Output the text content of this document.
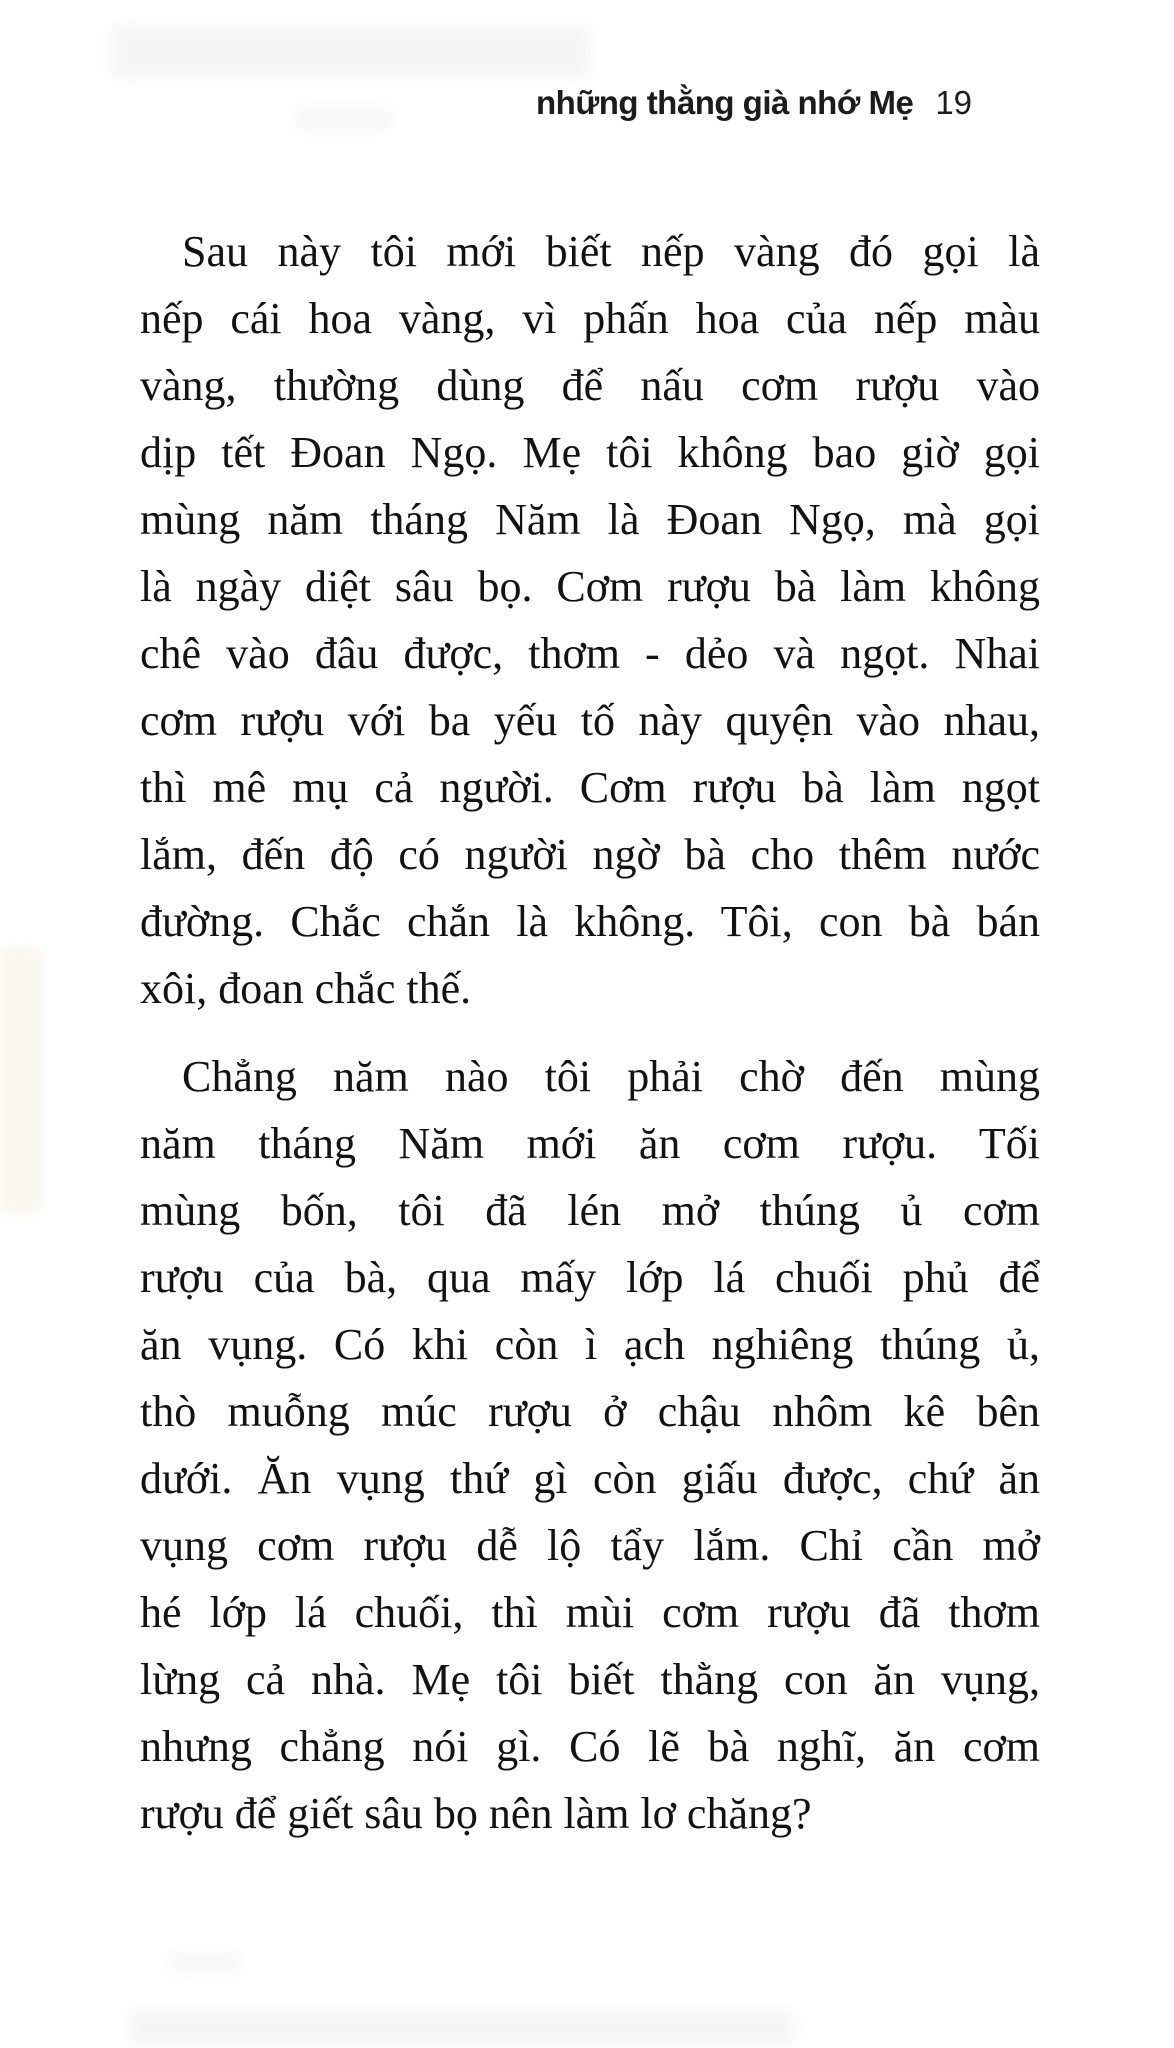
những thằng già nhớ Mẹ 19
Sau này tôi mới biết nếp vàng đó gọi là
nếp cái hoa vàng, vì phấn hoa của nếp màu
vàng, thường dùng để nấu cơm rượu vào
dịp tết Đoan Ngọ. Mẹ tôi không bao giờ gọi
mùng năm tháng Năm là Đoan Ngọ, mà gọi
là ngày diệt sâu bọ. Cơm rượu bà làm không
chê vào đâu được, thơm - dẻo và ngọt. Nhai
cơm rượu với ba yếu tố này quyện vào nhau,
thì mê mụ cả người. Cơm rượu bà làm ngọt
lắm, đến độ có người ngờ bà cho thêm nước
đường. Chắc chắn là không. Tôi, con bà bán
xôi, đoan chắc thế.
Chẳng năm nào tôi phải chờ đến mùng
năm tháng Năm mới ăn cơm rượu. Tối
mùng bốn, tôi đã lén mở thúng ủ cơm
rượu của bà, qua mấy lớp lá chuối phủ để
ăn vụng. Có khi còn ì ạch nghiêng thúng ủ,
thò muỗng múc rượu ở chậu nhôm kê bên
dưới. Ăn vụng thứ gì còn giấu được, chứ ăn
vụng cơm rượu dễ lộ tẩy lắm. Chỉ cần mở
hé lớp lá chuối, thì mùi cơm rượu đã thơm
lừng cả nhà. Mẹ tôi biết thằng con ăn vụng,
nhưng chẳng nói gì. Có lẽ bà nghĩ, ăn cơm
rượu để giết sâu bọ nên làm lơ chăng?
